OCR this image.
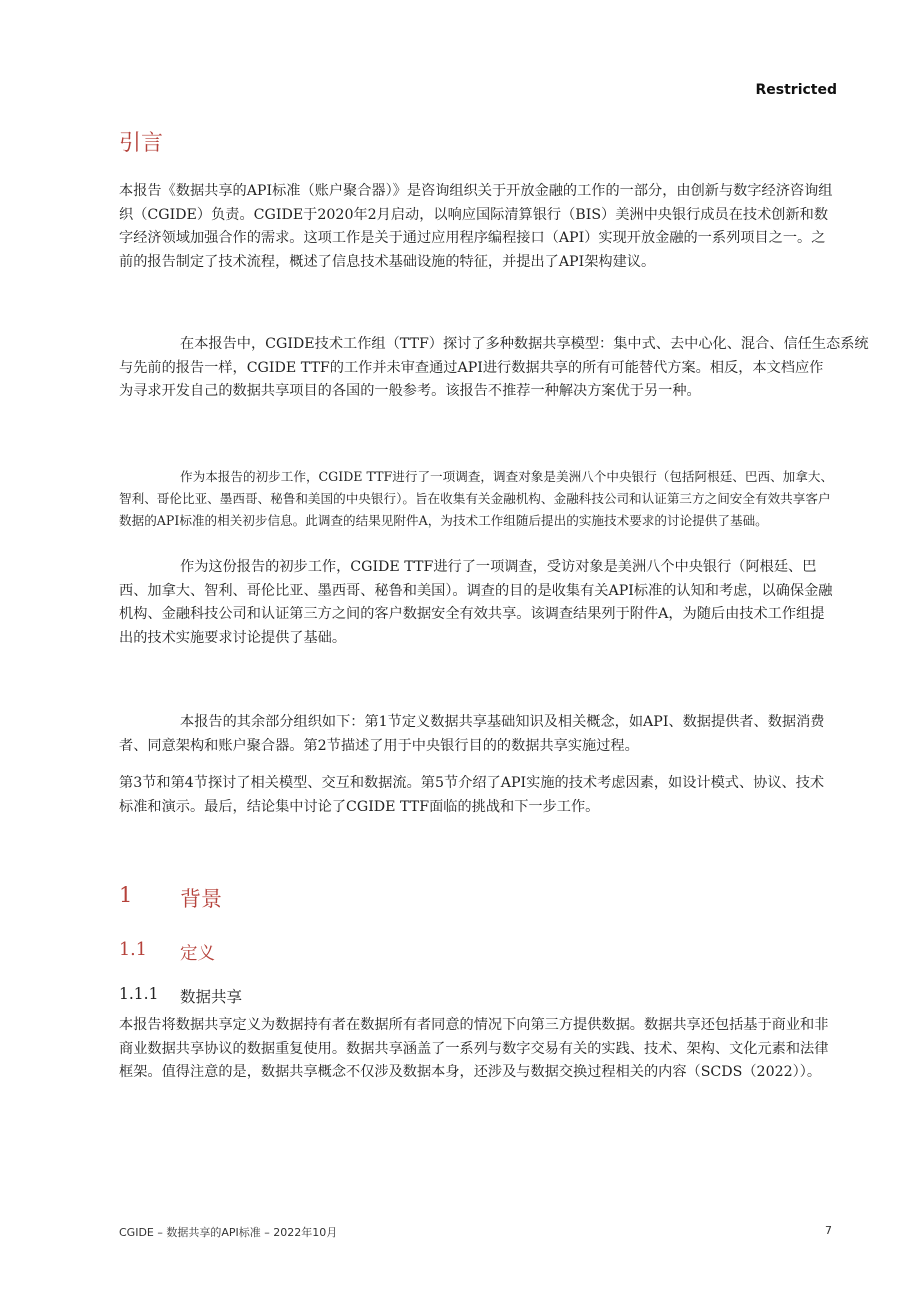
Restricted
引言

本报告《数据共享的API标准（账户聚合器）》是咨询组织关于开放金融的工作的一部分，由创新与数字经济咨询组织（CGIDE）负责。CGIDE于2020年2月启动，以响应国际清算银行（BIS）美洲中央银行成员在技术创新和数字经济领域加强合作的需求。这项工作是关于通过应用程序编程接口（API）实现开放金融的一系列项目之一。之前的报告制定了技术流程，概述了信息技术基础设施的特征，并提出了API架构建议。

在本报告中，CGIDE技术工作组（TTF）探讨了多种数据共享模型：集中式、去中心化、混合、信任生态系统
与先前的报告一样，CGIDE TTF的工作并未审查通过API进行数据共享的所有可能替代方案。相反，本文档应作为寻求开发自己的数据共享项目的各国的一般参考。该报告不推荐一种解决方案优于另一种。

作为本报告的初步工作，CGIDE TTF进行了一项调查，调查对象是美洲八个中央银行（包括阿根廷、巴西、加拿大、智利、哥伦比亚、墨西哥、秘鲁和美国的中央银行）。旨在收集有关金融机构、金融科技公司和认证第三方之间安全有效共享客户数据的API标准的相关初步信息。此调查的结果见附件A，为技术工作组随后提出的实施技术要求的讨论提供了基础。

作为这份报告的初步工作，CGIDE TTF进行了一项调查，受访对象是美洲八个中央银行（阿根廷、巴西、加拿大、智利、哥伦比亚、墨西哥、秘鲁和美国）。调查的目的是收集有关API标准的认知和考虑，以确保金融机构、金融科技公司和认证第三方之间的客户数据安全有效共享。该调查结果列于附件A，为随后由技术工作组提出的技术实施要求讨论提供了基础。

本报告的其余部分组织如下：第1节定义数据共享基础知识及相关概念，如API、数据提供者、数据消费者、同意架构和账户聚合器。第2节描述了用于中央银行目的的数据共享实施过程。

第3节和第4节探讨了相关模型、交互和数据流。第5节介绍了API实施的技术考虑因素，如设计模式、协议、技术标准和演示。最后，结论集中讨论了CGIDE TTF面临的挑战和下一步工作。

1 背景
1.1 定义
1.1.1 数据共享

本报告将数据共享定义为数据持有者在数据所有者同意的情况下向第三方提供数据。数据共享还包括基于商业和非商业数据共享协议的数据重复使用。数据共享涵盖了一系列与数字交易有关的实践、技术、架构、文化元素和法律框架。值得注意的是，数据共享概念不仅涉及数据本身，还涉及与数据交换过程相关的内容（SCDS（2022））。

CGIDE – 数据共享的API标准 – 2022年10月	7
